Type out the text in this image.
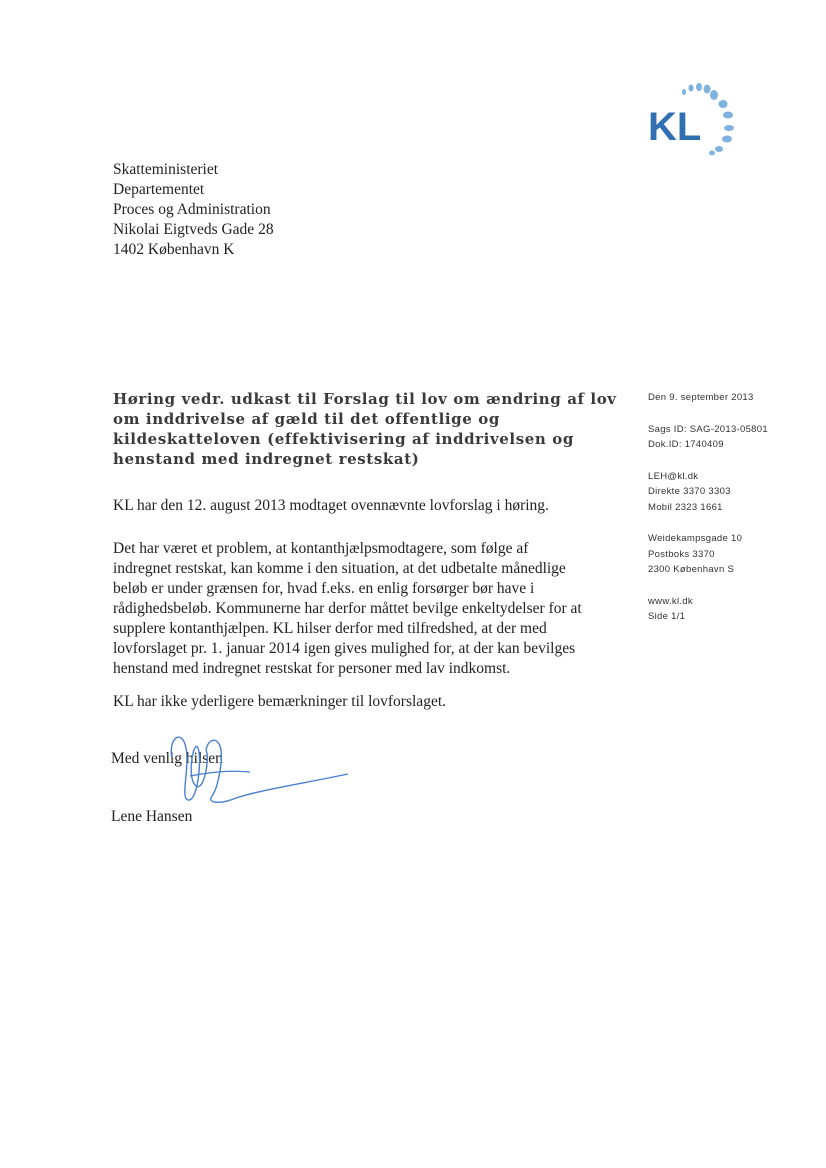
KL
Skatteministeriet
Departementet
Proces og Administration
Nikolai Eigtveds Gade 28
1402 København K
Høring vedr. udkast til Forslag til lov om ændring af lov
om inddrivelse af gæld til det offentlige og
kildeskatteloven (effektivisering af inddrivelsen og
henstand med indregnet restskat)
Den 9. september 2013
Sags ID: SAG-2013-05801
Dok.ID: 1740409
LEH@kl.dk
Direkte 3370 3303
Mobil 2323 1661
Weidekampsgade 10
Postboks 3370
2300 København S
www.kl.dk
Side 1/1
KL har den 12. august 2013 modtaget ovennævnte lovforslag i høring.
Det har været et problem, at kontanthjælpsmodtagere, som følge af
indregnet restskat, kan komme i den situation, at det udbetalte månedlige
beløb er under grænsen for, hvad f.eks. en enlig forsørger bør have i
rådighedsbeløb. Kommunerne har derfor måttet bevilge enkeltydelser for at
supplere kontanthjælpen. KL hilser derfor med tilfredshed, at der med
lovforslaget pr. 1. januar 2014 igen gives mulighed for, at der kan bevilges
henstand med indregnet restskat for personer med lav indkomst.
KL har ikke yderligere bemærkninger til lovforslaget.
Med venlig hilsen
Lene Hansen
